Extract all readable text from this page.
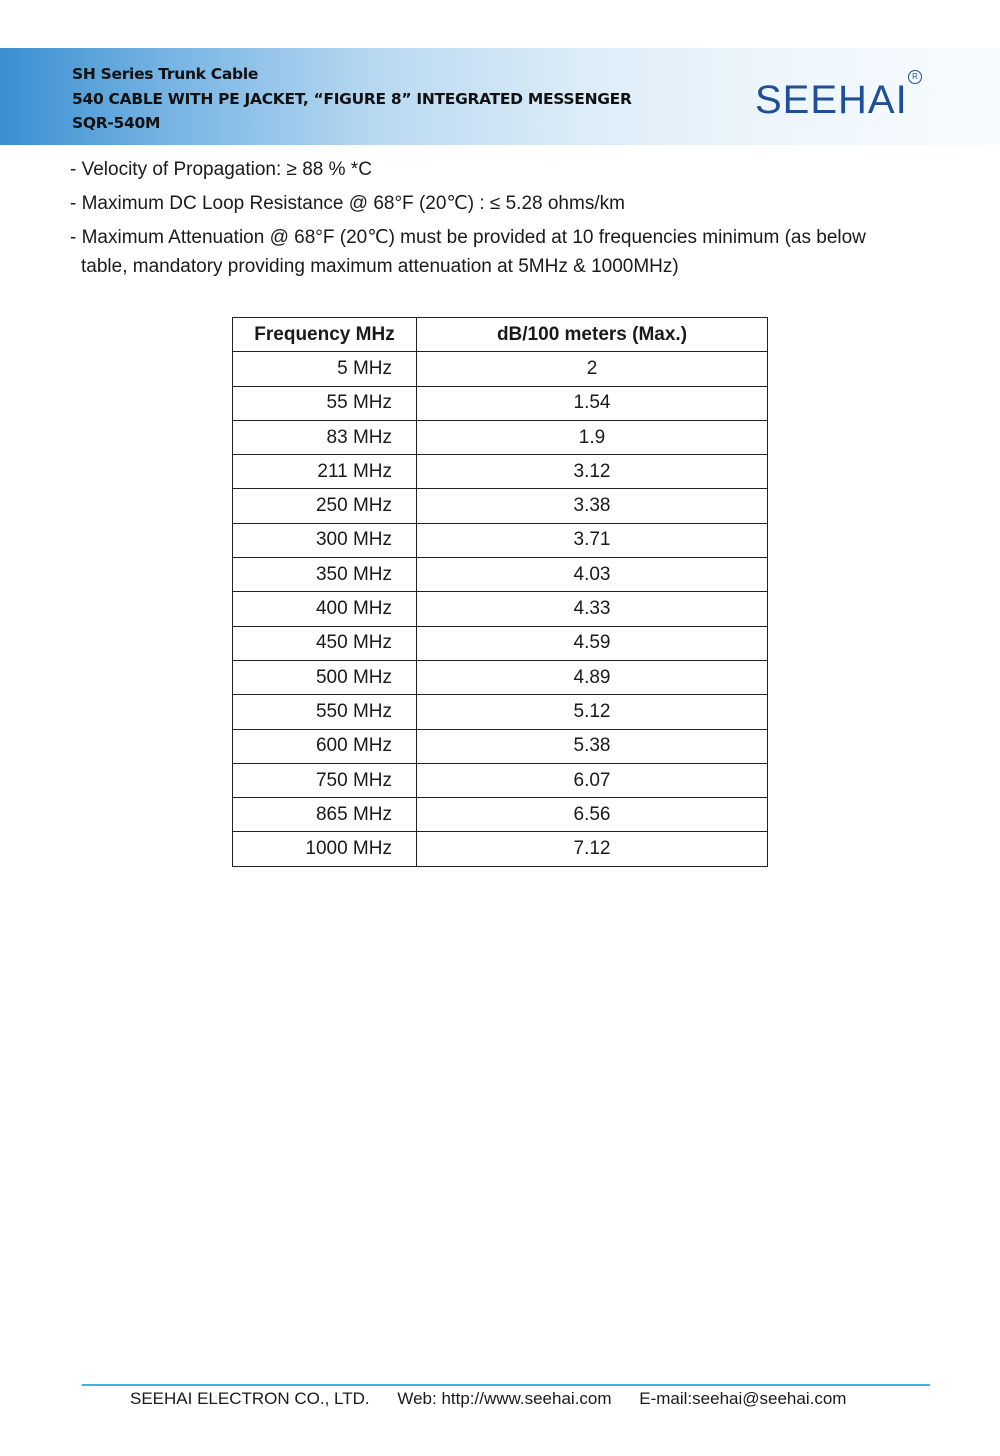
SH Series Trunk Cable
540 CABLE WITH PE JACKET, “FIGURE 8” INTEGRATED MESSENGER
SQR-540M
SEEHAI
R
- Velocity of Propagation: ≥ 88 % *C
- Maximum DC Loop Resistance @ 68°F (20℃) : ≤ 5.28 ohms/km
- Maximum Attenuation @ 68°F (20℃) must be provided at 10 frequencies minimum (as below
table, mandatory providing maximum attenuation at 5MHz & 1000MHz)
Frequency MHz	dB/100 meters (Max.)
5 MHz	2
55 MHz	1.54
83 MHz	1.9
211 MHz	3.12
250 MHz	3.38
300 MHz	3.71
350 MHz	4.03
400 MHz	4.33
450 MHz	4.59
500 MHz	4.89
550 MHz	5.12
600 MHz	5.38
750 MHz	6.07
865 MHz	6.56
1000 MHz	7.12
SEEHAI ELECTRON CO., LTD. Web: http://www.seehai.com E-mail:seehai@seehai.com
